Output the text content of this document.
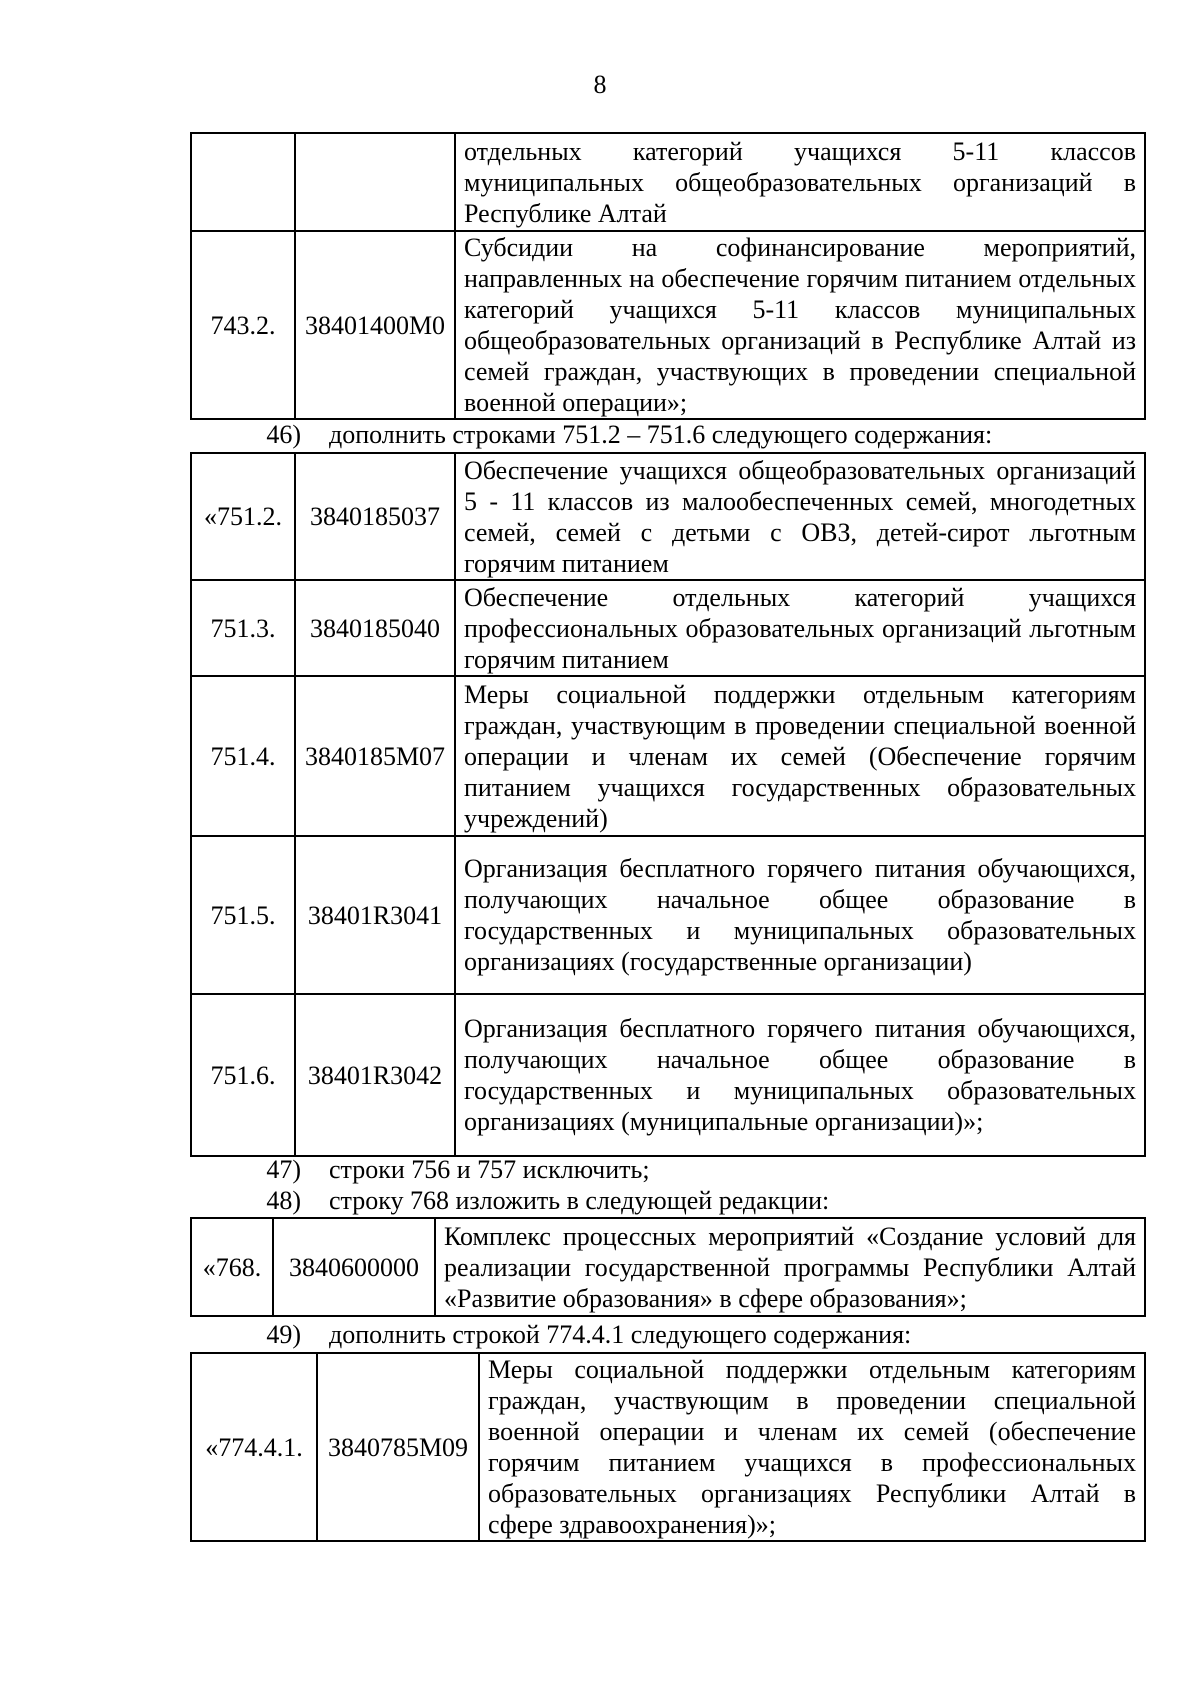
8
		отдельных категорий учащихся 5-11 классов муниципальных общеобразовательных организаций в Республике Алтай
743.2.	38401400М0	Субсидии на софинансирование мероприятий, направленных на обеспечение горячим питанием отдельных категорий учащихся 5-11 классов муниципальных общеобразовательных организаций в Республике Алтай из семей граждан, участвующих в проведении специальной военной операции»;
46) дополнить строками 751.2 – 751.6 следующего содержания:
«751.2.	3840185037	Обеспечение учащихся общеобразовательных организаций 5 - 11 классов из малообеспеченных семей, многодетных семей, семей с детьми с ОВЗ, детей-сирот льготным горячим питанием
751.3.	3840185040	Обеспечение отдельных категорий учащихся профессиональных образовательных организаций льготным горячим питанием
751.4.	3840185М07	Меры социальной поддержки отдельным категориям граждан, участвующим в проведении специальной военной операции и членам их семей (Обеспечение горячим питанием учащихся государственных образовательных учреждений)
751.5.	38401R3041	Организация бесплатного горячего питания обучающихся, получающих начальное общее образование в государственных и муниципальных образовательных организациях (государственные организации)
751.6.	38401R3042	Организация бесплатного горячего питания обучающихся, получающих начальное общее образование в государственных и муниципальных образовательных организациях (муниципальные организации)»;
47) строки 756 и 757 исключить;
48) строку 768 изложить в следующей редакции:
«768.	3840600000	Комплекс процессных мероприятий «Создание условий для реализации государственной программы Республики Алтай «Развитие образования» в сфере образования»;
49) дополнить строкой 774.4.1 следующего содержания:
«774.4.1.	3840785М09	Меры социальной поддержки отдельным категориям граждан, участвующим в проведении специальной военной операции и членам их семей (обеспечение горячим питанием учащихся в профессиональных образовательных организациях Республики Алтай в сфере здравоохранения)»;
